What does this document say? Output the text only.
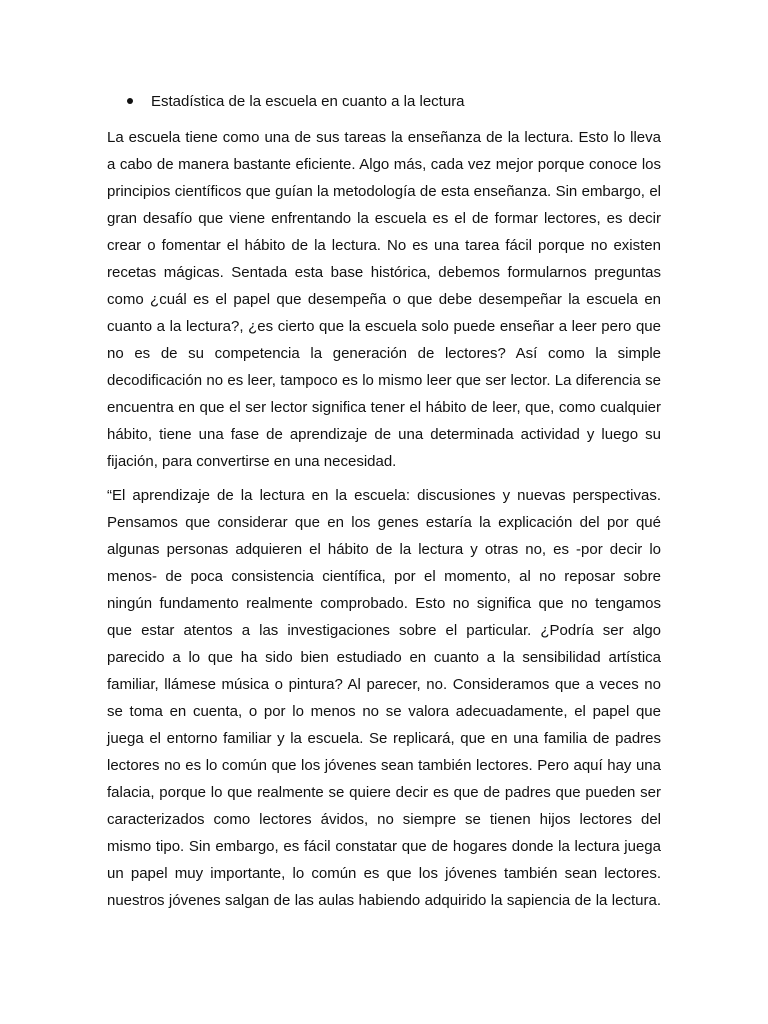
Estadística de la escuela en cuanto a la lectura
La escuela tiene como una de sus tareas la enseñanza de la lectura. Esto lo lleva
a cabo de manera bastante eficiente. Algo más, cada vez mejor porque conoce los
principios científicos que guían la metodología de esta enseñanza. Sin embargo, el
gran desafío que viene enfrentando la escuela es el de formar lectores, es decir
crear o fomentar el hábito de la lectura. No es una tarea fácil porque no existen
recetas mágicas. Sentada esta base histórica, debemos formularnos preguntas
como ¿cuál es el papel que desempeña o que debe desempeñar la escuela en
cuanto a la lectura?, ¿es cierto que la escuela solo puede enseñar a leer pero que
no es de su competencia la generación de lectores? Así como la simple
decodificación no es leer, tampoco es lo mismo leer que ser lector. La diferencia se
encuentra en que el ser lector significa tener el hábito de leer, que, como cualquier
hábito, tiene una fase de aprendizaje de una determinada actividad y luego su
fijación, para convertirse en una necesidad.
“El aprendizaje de la lectura en la escuela: discusiones y nuevas perspectivas.
Pensamos que considerar que en los genes estaría la explicación del por qué
algunas personas adquieren el hábito de la lectura y otras no, es -por decir lo
menos- de poca consistencia científica, por el momento, al no reposar sobre
ningún fundamento realmente comprobado. Esto no significa que no tengamos
que estar atentos a las investigaciones sobre el particular. ¿Podría ser algo
parecido a lo que ha sido bien estudiado en cuanto a la sensibilidad artística
familiar, llámese música o pintura? Al parecer, no. Consideramos que a veces no
se toma en cuenta, o por lo menos no se valora adecuadamente, el papel que
juega el entorno familiar y la escuela. Se replicará, que en una familia de padres
lectores no es lo común que los jóvenes sean también lectores. Pero aquí hay una
falacia, porque lo que realmente se quiere decir es que de padres que pueden ser
caracterizados como lectores ávidos, no siempre se tienen hijos lectores del
mismo tipo. Sin embargo, es fácil constatar que de hogares donde la lectura juega
un papel muy importante, lo común es que los jóvenes también sean lectores.
nuestros jóvenes salgan de las aulas habiendo adquirido la sapiencia de la lectura.
